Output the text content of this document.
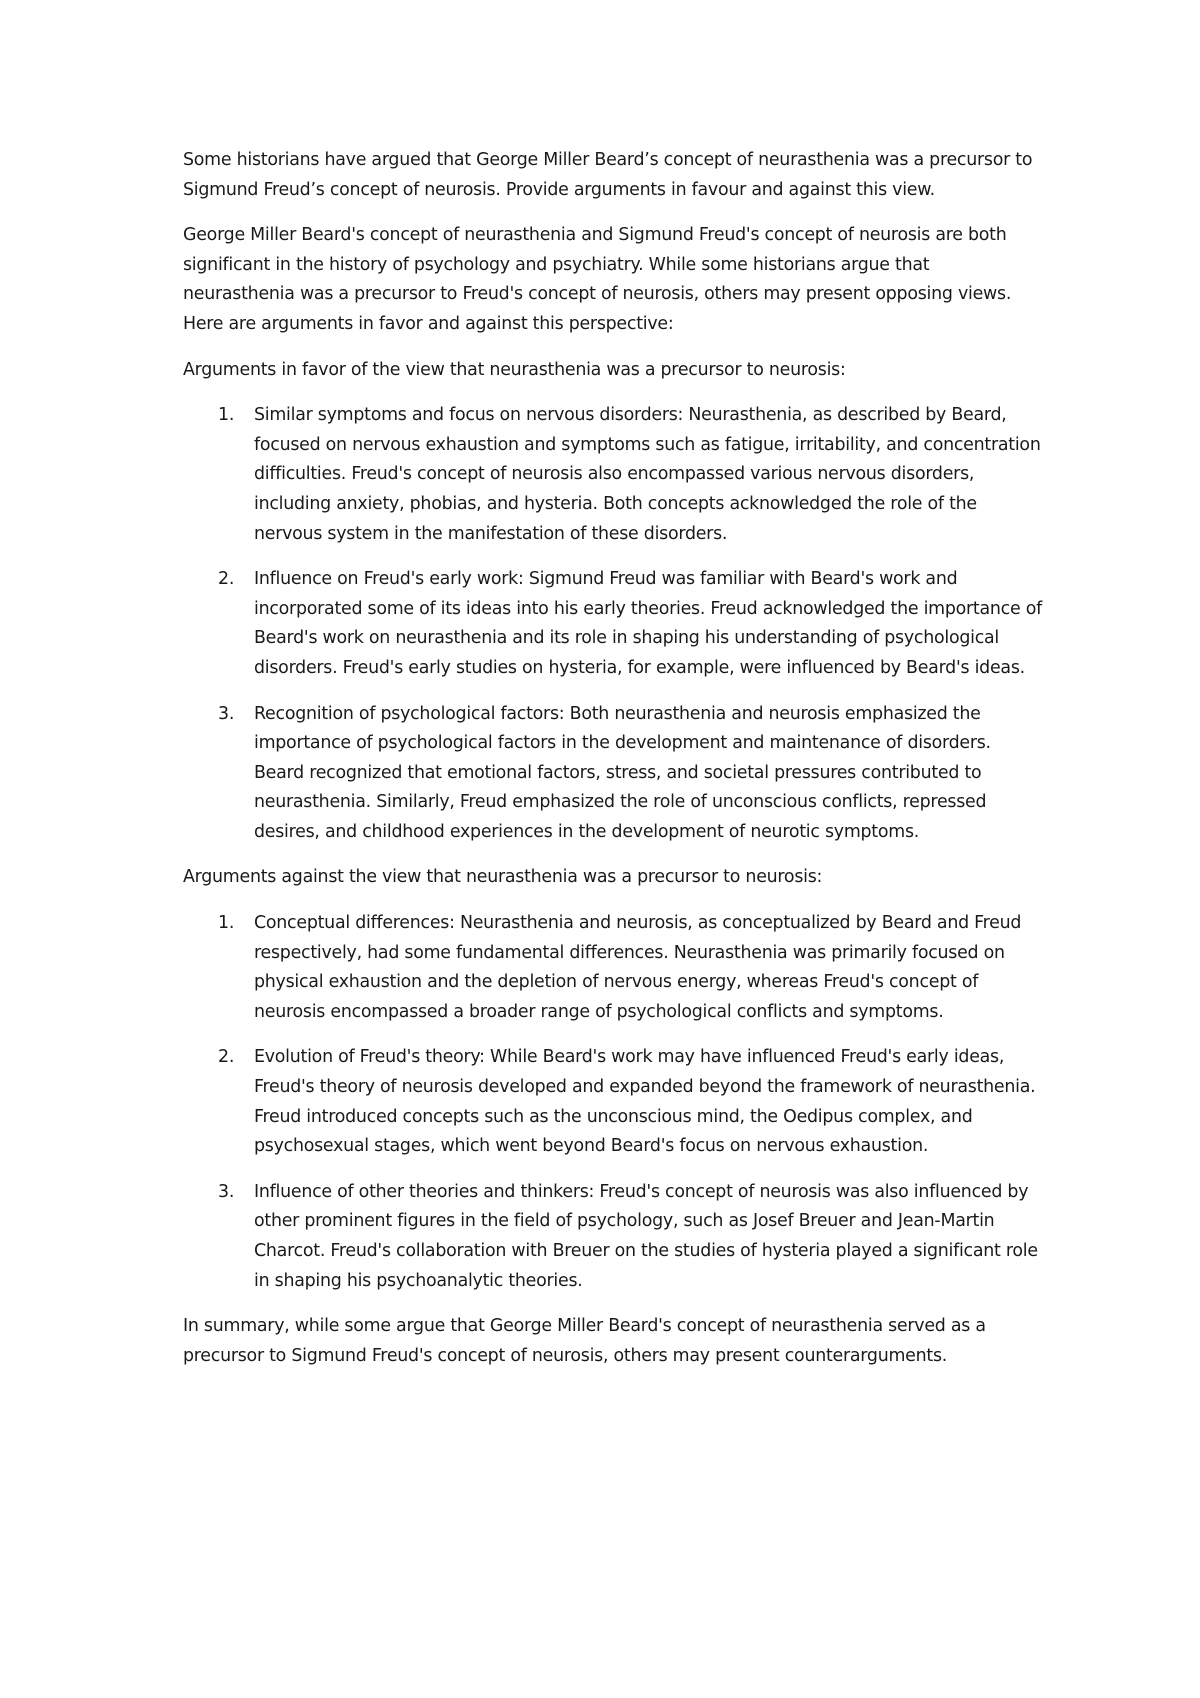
Some historians have argued that George Miller Beard’s concept of neurasthenia was a precursor to Sigmund Freud’s concept of neurosis. Provide arguments in favour and against this view.

George Miller Beard's concept of neurasthenia and Sigmund Freud's concept of neurosis are both significant in the history of psychology and psychiatry. While some historians argue that neurasthenia was a precursor to Freud's concept of neurosis, others may present opposing views. Here are arguments in favor and against this perspective:

Arguments in favor of the view that neurasthenia was a precursor to neurosis:

1. Similar symptoms and focus on nervous disorders: Neurasthenia, as described by Beard, focused on nervous exhaustion and symptoms such as fatigue, irritability, and concentration difficulties. Freud's concept of neurosis also encompassed various nervous disorders, including anxiety, phobias, and hysteria. Both concepts acknowledged the role of the nervous system in the manifestation of these disorders.
2. Influence on Freud's early work: Sigmund Freud was familiar with Beard's work and incorporated some of its ideas into his early theories. Freud acknowledged the importance of Beard's work on neurasthenia and its role in shaping his understanding of psychological disorders. Freud's early studies on hysteria, for example, were influenced by Beard's ideas.
3. Recognition of psychological factors: Both neurasthenia and neurosis emphasized the importance of psychological factors in the development and maintenance of disorders. Beard recognized that emotional factors, stress, and societal pressures contributed to neurasthenia. Similarly, Freud emphasized the role of unconscious conflicts, repressed desires, and childhood experiences in the development of neurotic symptoms.

Arguments against the view that neurasthenia was a precursor to neurosis:

1. Conceptual differences: Neurasthenia and neurosis, as conceptualized by Beard and Freud respectively, had some fundamental differences. Neurasthenia was primarily focused on physical exhaustion and the depletion of nervous energy, whereas Freud's concept of neurosis encompassed a broader range of psychological conflicts and symptoms.
2. Evolution of Freud's theory: While Beard's work may have influenced Freud's early ideas, Freud's theory of neurosis developed and expanded beyond the framework of neurasthenia. Freud introduced concepts such as the unconscious mind, the Oedipus complex, and psychosexual stages, which went beyond Beard's focus on nervous exhaustion.
3. Influence of other theories and thinkers: Freud's concept of neurosis was also influenced by other prominent figures in the field of psychology, such as Josef Breuer and Jean-Martin Charcot. Freud's collaboration with Breuer on the studies of hysteria played a significant role in shaping his psychoanalytic theories.

In summary, while some argue that George Miller Beard's concept of neurasthenia served as a precursor to Sigmund Freud's concept of neurosis, others may present counterarguments.
